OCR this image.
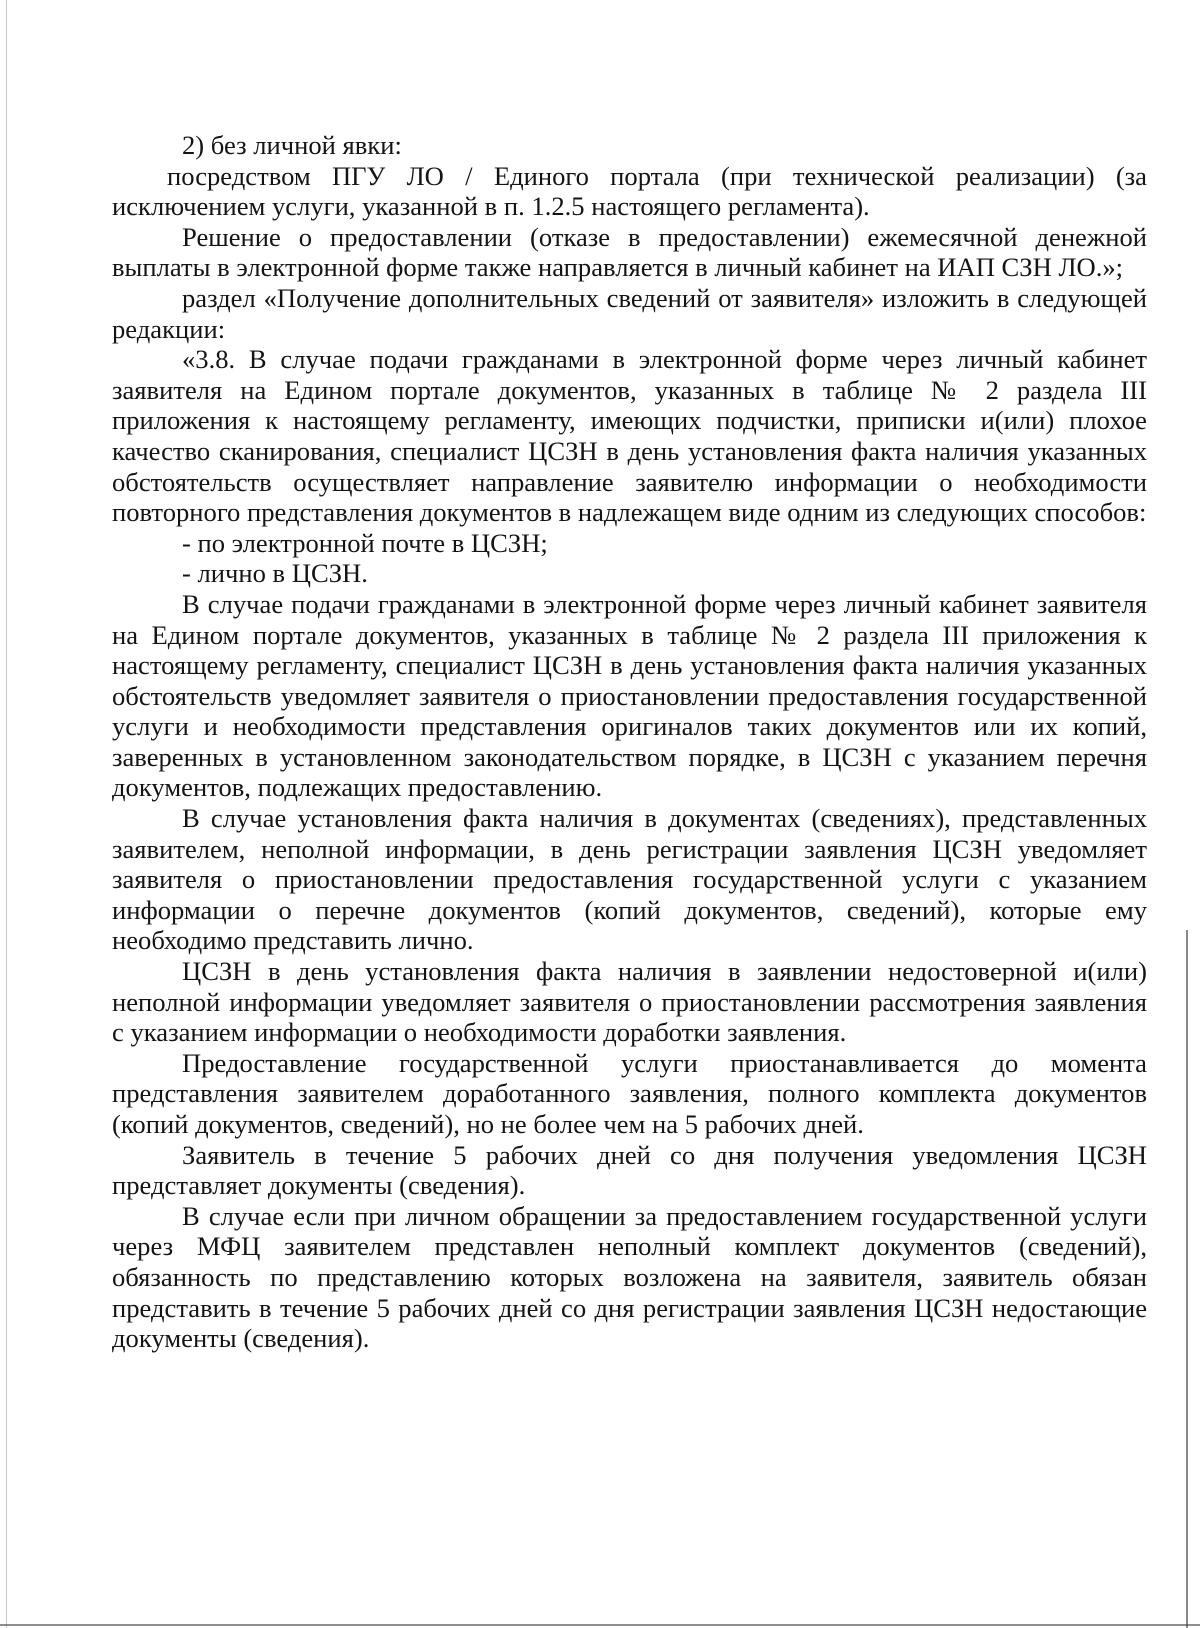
2) без личной явки:

посредством ПГУ ЛО / Единого портала (при технической реализации) (за исключением услуги, указанной в п. 1.2.5 настоящего регламента).

Решение о предоставлении (отказе в предоставлении) ежемесячной денежной выплаты в электронной форме также направляется в личный кабинет на ИАП СЗН ЛО.»;

раздел «Получение дополнительных сведений от заявителя» изложить в следующей редакции:

«3.8. В случае подачи гражданами в электронной форме через личный кабинет заявителя на Едином портале документов, указанных в таблице № 2 раздела III приложения к настоящему регламенту, имеющих подчистки, приписки и(или) плохое качество сканирования, специалист ЦСЗН в день установления факта наличия указанных обстоятельств осуществляет направление заявителю информации о необходимости повторного представления документов в надлежащем виде одним из следующих способов:

- по электронной почте в ЦСЗН;

- лично в ЦСЗН.

В случае подачи гражданами в электронной форме через личный кабинет заявителя на Едином портале документов, указанных в таблице № 2 раздела III приложения к настоящему регламенту, специалист ЦСЗН в день установления факта наличия указанных обстоятельств уведомляет заявителя о приостановлении предоставления государственной услуги и необходимости представления оригиналов таких документов или их копий, заверенных в установленном законодательством порядке, в ЦСЗН с указанием перечня документов, подлежащих предоставлению.

В случае установления факта наличия в документах (сведениях), представленных заявителем, неполной информации, в день регистрации заявления ЦСЗН уведомляет заявителя о приостановлении предоставления государственной услуги с указанием информации о перечне документов (копий документов, сведений), которые ему необходимо представить лично.

ЦСЗН в день установления факта наличия в заявлении недостоверной и(или) неполной информации уведомляет заявителя о приостановлении рассмотрения заявления с указанием информации о необходимости доработки заявления.

Предоставление государственной услуги приостанавливается до момента представления заявителем доработанного заявления, полного комплекта документов (копий документов, сведений), но не более чем на 5 рабочих дней.

Заявитель в течение 5 рабочих дней со дня получения уведомления ЦСЗН представляет документы (сведения).

В случае если при личном обращении за предоставлением государственной услуги через МФЦ заявителем представлен неполный комплект документов (сведений), обязанность по представлению которых возложена на заявителя, заявитель обязан представить в течение 5 рабочих дней со дня регистрации заявления ЦСЗН недостающие документы (сведения).
